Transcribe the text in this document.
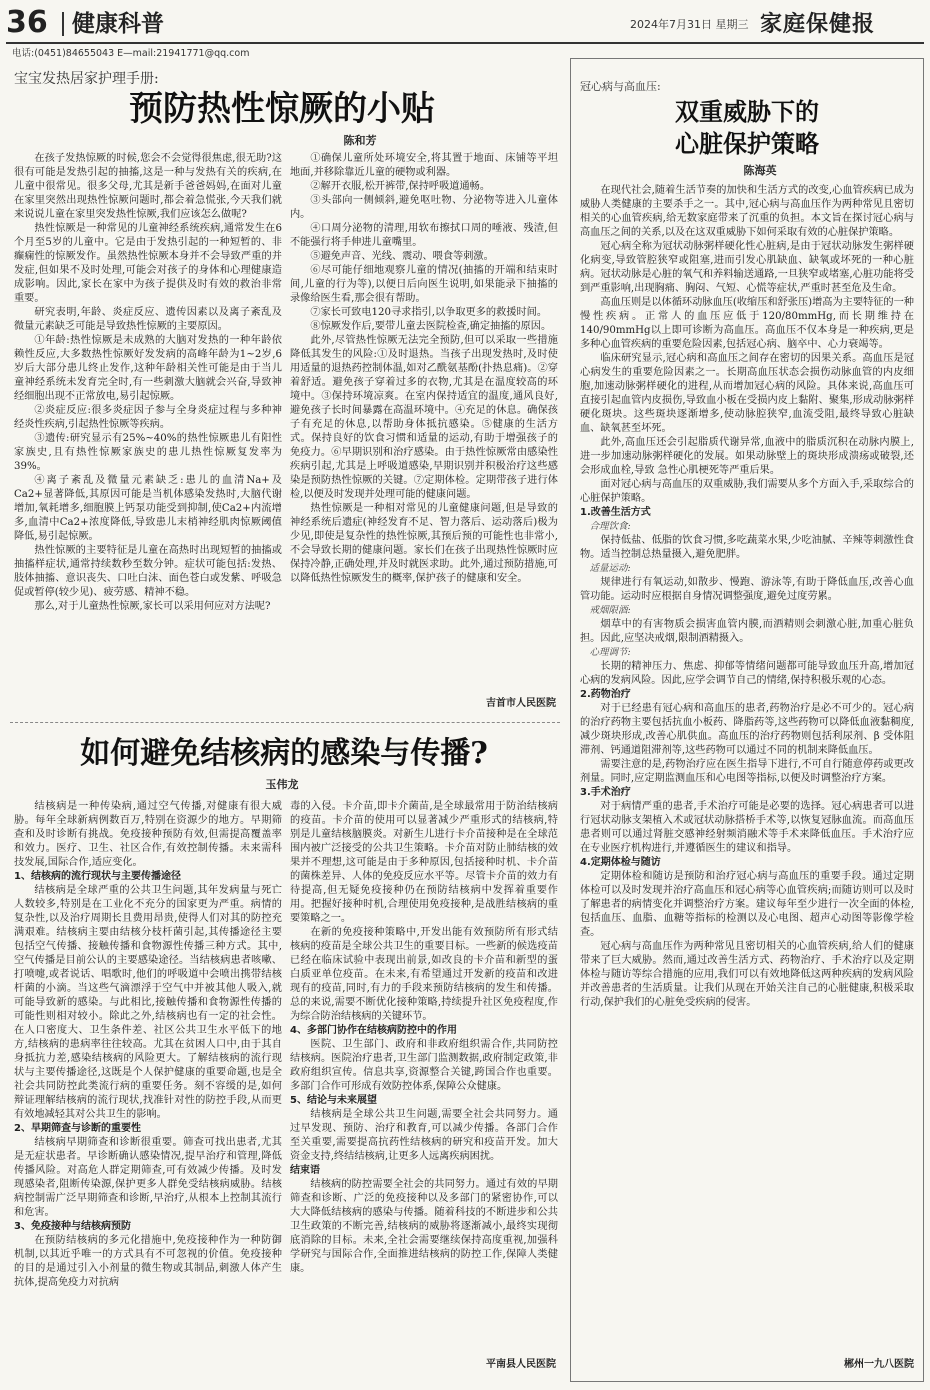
36 健康科普	2024年7月31日 星期三 家庭保健报
电话:(0451)84655043 E—mail:21941771@qq.com
宝宝发热居家护理手册:
预防热性惊厥的小贴
陈和芳

在孩子发热惊厥的时候,您会不会觉得很焦虑,很无助?这很有可能是发热引起的抽搐,这是一种与发热有关的疾病,在儿童中很常见。很多父母,尤其是新手爸爸妈妈,在面对儿童在家里突然出现热性惊厥问题时,都会着急慌张,今天我们就来说说儿童在家里突发热性惊厥,我们应该怎么做呢?

热性惊厥是一种常见的儿童神经系统疾病,通常发生在6个月至5岁的儿童中。它是由于发热引起的一种短暂的、非癫痫性的惊厥发作。虽然热性惊厥本身并不会导致严重的并发症,但如果不及时处理,可能会对孩子的身体和心理健康造成影响。因此,家长在家中为孩子提供及时有效的救治非常重要。

研究表明,年龄、炎症反应、遗传因素以及离子紊乱及微量元素缺乏可能是导致热性惊厥的主要原因。

①年龄:热性惊厥是未成熟的大脑对发热的一种年龄依赖性反应,大多数热性惊厥好发发病的高峰年龄为1~2岁,6岁后大部分患儿终止发作,这种年龄相关性可能是由于当儿童神经系统未发育完全时,有一些刺激大脑就会兴奋,导致神经细胞出现不正常放电,易引起惊厥。

②炎症反应:很多炎症因子参与全身炎症过程与多种神经炎性疾病,引起热性惊厥等疾病。

③遗传:研究显示有25%~40%的热性惊厥患儿有阳性家族史,且有热性惊厥家族史的患儿热性惊厥复发率为39%。

④离子紊乱及微量元素缺乏:患儿的血清Na+及Ca2+显著降低,其原因可能是当机体感染发热时,大脑代谢增加,氧耗增多,细胞膜上钙泵功能受到抑制,使Ca2+内流增多,血清中Ca2+浓度降低,导致患儿末梢神经肌肉惊厥阈值降低,易引起惊厥。

热性惊厥的主要特征是儿童在高热时出现短暂的抽搐或抽搐样症状,通常持续数秒至数分钟。症状可能包括:发热、肢体抽搐、意识丧失、口吐白沫、面色苍白或发紫、呼吸急促或暂停(较少见)、疲劳感、精神不稳。

那么,对于儿童热性惊厥,家长可以采用何应对方法呢?

①确保儿童所处环境安全,将其置于地面、床铺等平坦地面,并移除靠近儿童的硬物或利器。

②解开衣服,松开裤带,保持呼吸道通畅。

③头部向一侧倾斜,避免呕吐物、分泌物等进入儿童体内。

④口周分泌物的清理,用软布擦拭口周的唾液、残渣,但不能强行将手伸进儿童嘴里。

⑤避免声音、光线、震动、喂食等刺激。

⑥尽可能仔细地观察儿童的情况(抽搐的开端和结束时间,儿童的行为等),以便日后向医生说明,如果能录下抽搐的录像给医生看,那会很有帮助。

⑦家长可致电120寻求指引,以争取更多的救援时间。

⑧惊厥发作后,要带儿童去医院检查,确定抽搐的原因。

此外,尽管热性惊厥无法完全预防,但可以采取一些措施降低其发生的风险:①及时退热。当孩子出现发热时,及时使用适量的退热药控制体温,如对乙酰氨基酚(扑热息痛)。②穿着舒适。避免孩子穿着过多的衣物,尤其是在温度较高的环境中。③保持环境凉爽。在室内保持适宜的温度,通风良好,避免孩子长时间暴露在高温环境中。④充足的休息。确保孩子有充足的休息,以帮助身体抵抗感染。⑤健康的生活方式。保持良好的饮食习惯和适量的运动,有助于增强孩子的免疫力。⑥早期识别和治疗感染。由于热性惊厥常由感染性疾病引起,尤其是上呼吸道感染,早期识别并积极治疗这些感染是预防热性惊厥的关键。⑦定期体检。定期带孩子进行体检,以便及时发现并处理可能的健康问题。

热性惊厥是一种相对常见的儿童健康问题,但是导致的神经系统后遗症(神经发育不足、智力落后、运动落后)极为少见,即使是复杂性的热性惊厥,其预后预的可能性也非常小,不会导致长期的健康问题。家长们在孩子出现热性惊厥时应保持冷静,正确处理,并及时就医求助。此外,通过预防措施,可以降低热性惊厥发生的概率,保护孩子的健康和安全。

吉首市人民医院
如何避免结核病的感染与传播?
玉伟龙

结核病是一种传染病,通过空气传播,对健康有很大威胁。每年全球新病例数百万,特别在资源少的地方。早期筛查和及时诊断有挑战。免疫接种预防有效,但需提高覆盖率和效力。医疗、卫生、社区合作,有效控制传播。未来需科技发展,国际合作,适应变化。

1、结核病的流行现状与主要传播途径

结核病是全球严重的公共卫生问题,其年发病量与死亡人数较多,特别是在工业化不充分的国家更为严重。病情的复杂性,以及治疗周期长且费用昂贵,使得人们对其的防控充满艰难。结核病主要由结核分枝杆菌引起,其传播途径主要包括空气传播、接触传播和食物源性传播三种方式。其中,空气传播是目前公认的主要感染途径。当结核病患者咳嗽、打喷嚏,或者说话、唱歌时,他们的呼吸道中会喷出携带结核杆菌的小滴。当这些气滴漂浮于空气中并被其他人吸入,就可能导致新的感染。与此相比,接触传播和食物源性传播的可能性则相对较小。除此之外,结核病也有一定的社会性。在人口密度大、卫生条件差、社区公共卫生水平低下的地方,结核病的患病率往往较高。尤其在贫困人口中,由于其自身抵抗力差,感染结核病的风险更大。了解结核病的流行现状与主要传播途径,这既是个人保护健康的重要命题,也是全社会共同防控此类流行病的重要任务。刻不容缓的是,如何辩证理解结核病的流行现状,找准针对性的防控手段,从而更有效地减轻其对公共卫生的影响。

2、早期筛查与诊断的重要性

结核病早期筛查和诊断很重要。筛查可找出患者,尤其是无症状患者。早诊断确认感染情况,提早治疗和管理,降低传播风险。对高危人群定期筛查,可有效减少传播。及时发现感染者,阻断传染源,保护更多人群免受结核病威胁。结核病控制需广泛早期筛查和诊断,早治疗,从根本上控制其流行和危害。

3、免疫接种与结核病预防

在预防结核病的多元化措施中,免疫接种作为一种防御机制,以其近乎唯一的方式具有不可忽视的价值。免疫接种的目的是通过引入小剂量的微生物或其制品,刺激人体产生抗体,提高免疫力对抗病

毒的入侵。卡介苗,即卡介菌苗,是全球最常用于防治结核病的疫苗。卡介苗的使用可以显著减少严重形式的结核病,特别是儿童结核脑膜炎。对新生儿进行卡介苗接种是在全球范围内被广泛接受的公共卫生策略。卡介苗对防止肺结核的效果并不理想,这可能是由于多种原因,包括接种时机、卡介苗的菌株差异、人体的免疫反应水平等。尽管卡介苗的效力有待提高,但无疑免疫接种仍在预防结核病中发挥着重要作用。把握好接种时机,合理使用免疫接种,是战胜结核病的重要策略之一。

在新的免疫接种策略中,开发出能有效预防所有形式结核病的疫苗是全球公共卫生的重要目标。一些新的候选疫苗已经在临床试验中表现出前景,如改良的卡介苗和新型的蛋白质亚单位疫苗。在未来,有希望通过开发新的疫苗和改进现有的疫苗,同时,有力的手段来预防结核病的发生和传播。总的来说,需要不断优化接种策略,持续提升社区免疫程度,作为综合防治结核病的关键环节。

4、多部门协作在结核病防控中的作用

医院、卫生部门、政府和非政府组织需合作,共同防控结核病。医院治疗患者,卫生部门监测数据,政府制定政策,非政府组织宣传。信息共享,资源整合关键,跨国合作也重要。多部门合作可形成有效防控体系,保障公众健康。

5、结论与未来展望

结核病是全球公共卫生问题,需要全社会共同努力。通过早发现、预防、治疗和教育,可以减少传播。各部门合作至关重要,需要提高抗药性结核病的研究和疫苗开发。加大资金支持,终结结核病,让更多人远离疾病困扰。

结束语

结核病的防控需要全社会的共同努力。通过有效的早期筛查和诊断、广泛的免疫接种以及多部门的紧密协作,可以大大降低结核病的感染与传播。随着科技的不断进步和公共卫生政策的不断完善,结核病的威胁将逐渐减小,最终实现彻底消除的目标。未来,全社会需要继续保持高度重视,加强科学研究与国际合作,全面推进结核病的防控工作,保障人类健康。

平南县人民医院
冠心病与高血压:
双重威胁下的
心脏保护策略
陈海英

在现代社会,随着生活节奏的加快和生活方式的改变,心血管疾病已成为威胁人类健康的主要杀手之一。其中,冠心病与高血压作为两种常见且密切相关的心血管疾病,给无数家庭带来了沉重的负担。本文旨在探讨冠心病与高血压之间的关系,以及在这双重威胁下如何采取有效的心脏保护策略。

冠心病全称为冠状动脉粥样硬化性心脏病,是由于冠状动脉发生粥样硬化病变,导致管腔狭窄或阻塞,进而引发心肌缺血、缺氧或坏死的一种心脏病。冠状动脉是心脏的氧气和养料输送通路,一旦狭窄或堵塞,心脏功能将受到严重影响,出现胸痛、胸闷、气短、心慌等症状,严重时甚至危及生命。

高血压则是以体循环动脉血压(收缩压和舒张压)增高为主要特征的一种慢性疾病。正常人的血压应低于120/80mmHg,而长期维持在140/90mmHg以上即可诊断为高血压。高血压不仅本身是一种疾病,更是多种心血管疾病的重要危险因素,包括冠心病、脑卒中、心力衰竭等。

临床研究显示,冠心病和高血压之间存在密切的因果关系。高血压是冠心病发生的重要危险因素之一。长期高血压状态会损伤动脉血管的内皮细胞,加速动脉粥样硬化的进程,从而增加冠心病的风险。具体来说,高血压可直接引起血管内皮损伤,导致血小板在受损内皮上黏附、聚集,形成动脉粥样硬化斑块。这些斑块逐渐增多,使动脉腔狭窄,血流受阻,最终导致心脏缺血、缺氧甚至坏死。

此外,高血压还会引起脂质代谢异常,血液中的脂质沉积在动脉内膜上,进一步加速动脉粥样硬化的发展。如果动脉壁上的斑块形成溃疡或破裂,还会形成血栓,导致 急性心肌梗死等严重后果。

面对冠心病与高血压的双重威胁,我们需要从多个方面入手,采取综合的心脏保护策略。

1.改善生活方式

合理饮食:

保持低盐、低脂的饮食习惯,多吃蔬菜水果,少吃油腻、辛辣等刺激性食物。适当控制总热量摄入,避免肥胖。

适量运动:

规律进行有氧运动,如散步、慢跑、游泳等,有助于降低血压,改善心血管功能。运动时应根据自身情况调整强度,避免过度劳累。

戒烟限酒:

烟草中的有害物质会损害血管内膜,而酒精则会刺激心脏,加重心脏负担。因此,应坚决戒烟,限制酒精摄入。

心理调节:

长期的精神压力、焦虑、抑郁等情绪问题都可能导致血压升高,增加冠心病的发病风险。因此,应学会调节自己的情绪,保持积极乐观的心态。

2.药物治疗

对于已经患有冠心病和高血压的患者,药物治疗是必不可少的。冠心病的治疗药物主要包括抗血小板药、降脂药等,这些药物可以降低血液黏稠度,减少斑块形成,改善心肌供血。高血压的治疗药物则包括利尿剂、β 受体阻滞剂、钙通道阻滞剂等,这些药物可以通过不同的机制来降低血压。

需要注意的是,药物治疗应在医生指导下进行,不可自行随意停药或更改剂量。同时,应定期监测血压和心电图等指标,以便及时调整治疗方案。

3.手术治疗

对于病情严重的患者,手术治疗可能是必要的选择。冠心病患者可以进行冠状动脉支架植入术或冠状动脉搭桥手术等,以恢复冠脉血流。而高血压患者则可以通过肾脏交感神经射频消融术等手术来降低血压。手术治疗应在专业医疗机构进行,并遵循医生的建议和指导。

4.定期体检与随访

定期体检和随访是预防和治疗冠心病与高血压的重要手段。通过定期体检可以及时发现并治疗高血压和冠心病等心血管疾病;而随访则可以及时了解患者的病情变化并调整治疗方案。建议每年至少进行一次全面的体检,包括血压、血脂、血糖等指标的检测以及心电图、超声心动图等影像学检查。

冠心病与高血压作为两种常见且密切相关的心血管疾病,给人们的健康带来了巨大威胁。然而,通过改善生活方式、药物治疗、手术治疗以及定期体检与随访等综合措施的应用,我们可以有效地降低这两种疾病的发病风险并改善患者的生活质量。让我们从现在开始关注自己的心脏健康,积极采取行动,保护我们的心脏免受疾病的侵害。

郴州一九八医院
